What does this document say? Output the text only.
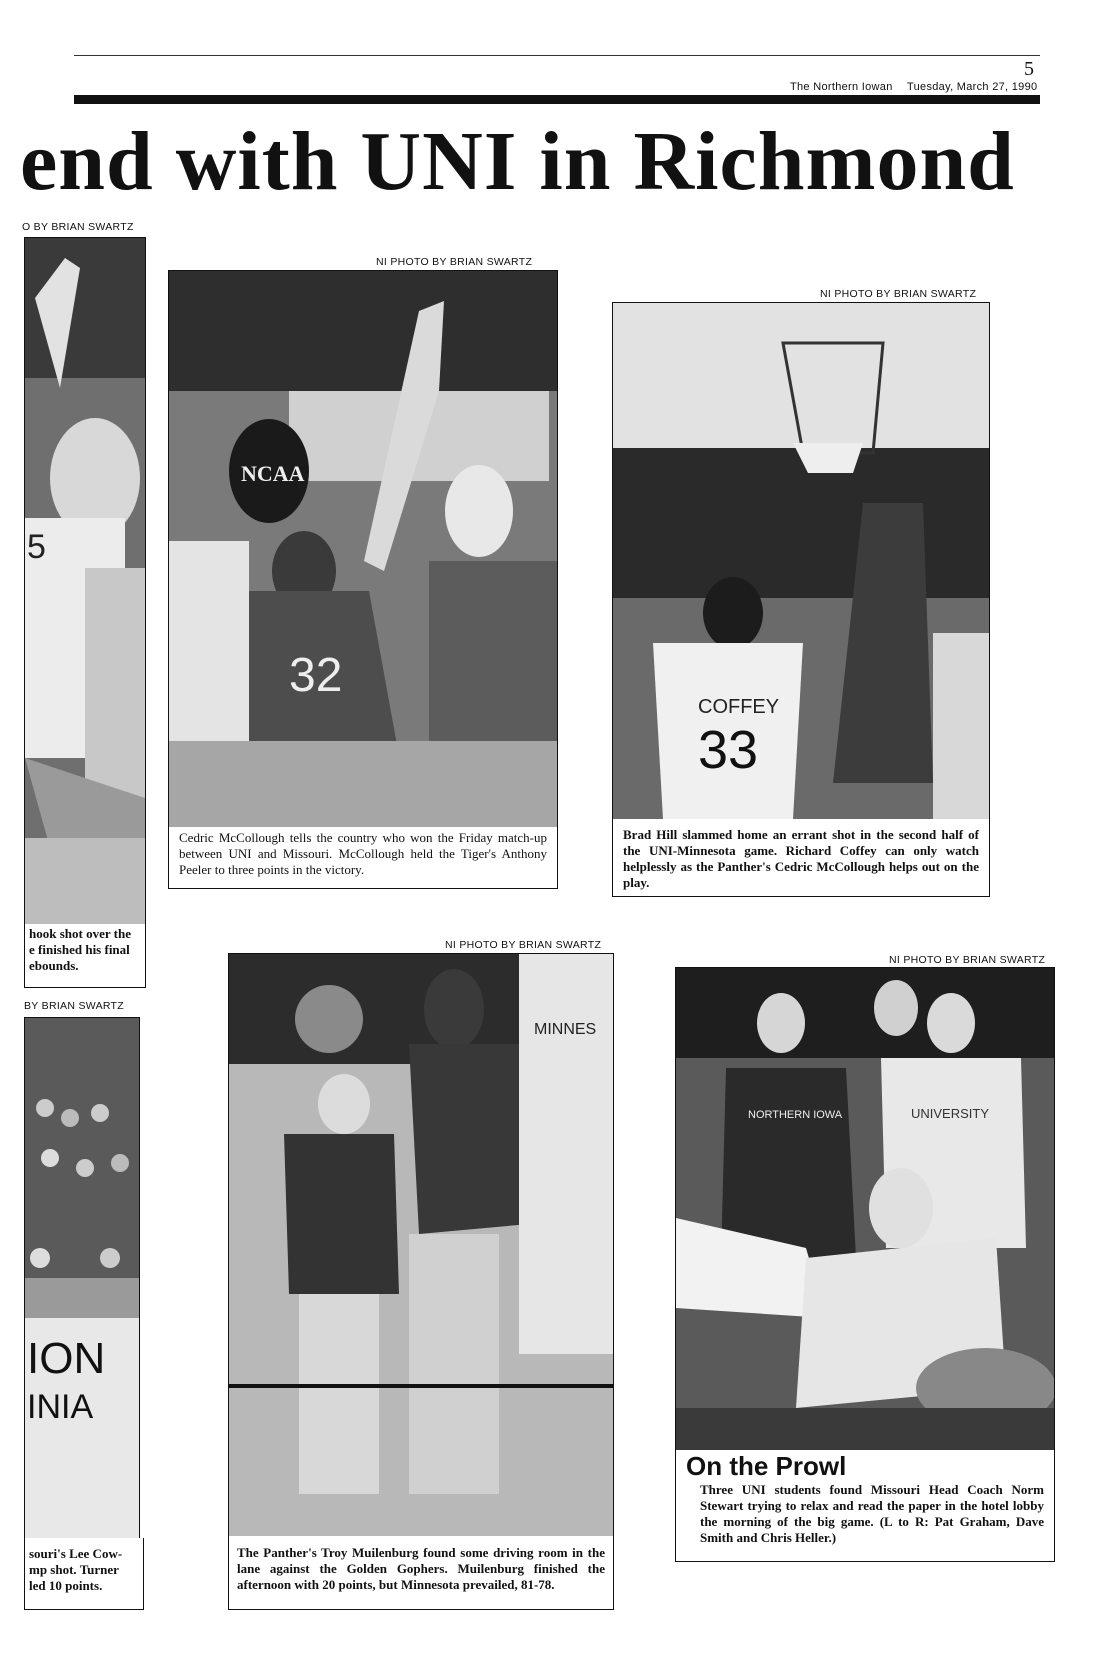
5
The Northern Iowan Tuesday, March 27, 1990
end with UNI in Richmond
O BY BRIAN SWARTZ
5
hook shot over the
e finished his final
ebounds.
BY BRIAN SWARTZ
ION
INIA
souri's Lee Cow-
mp shot. Turner
led 10 points.
NI PHOTO BY BRIAN SWARTZ
NCAA
32
Cedric McCollough tells the country who won the Friday match-up between UNI and Missouri. McCollough held the Tiger's Anthony Peeler to three points in the victory.
NI PHOTO BY BRIAN SWARTZ
COFFEY
33
Brad Hill slammed home an errant shot in the second half of the UNI-Minnesota game. Richard Coffey can only watch helplessly as the Panther's Cedric McCollough helps out on the play.
NI PHOTO BY BRIAN SWARTZ
MINNES
The Panther's Troy Muilenburg found some driving room in the lane against the Golden Gophers. Muilenburg finished the afternoon with 20 points, but Minnesota prevailed, 81-78.
NI PHOTO BY BRIAN SWARTZ
NORTHERN IOWA	UNIVERSITY
On the Prowl
Three UNI students found Missouri Head Coach Norm Stewart trying to relax and read the paper in the hotel lobby the morning of the big game. (L to R: Pat Graham, Dave Smith and Chris Heller.)
